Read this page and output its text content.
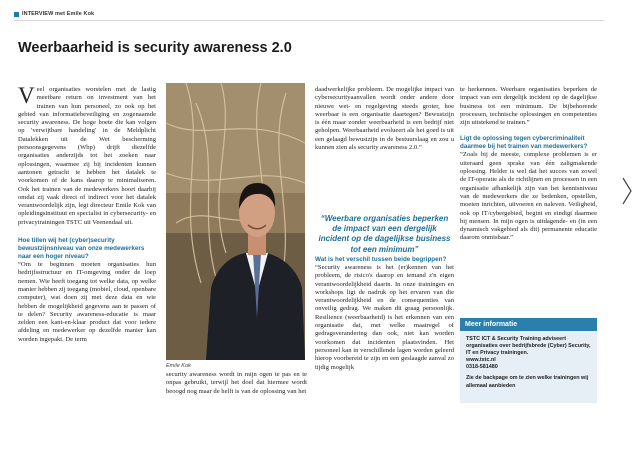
INTERVIEW met Emile Kok
Weerbaarheid is security awareness 2.0

Veel organisaties worstelen met de lastig meetbare return on investment van het trainen van hun personeel, zo ook op het gebied van informatiebeveiliging en zogenaamde security awareness. De hoge boete die kan volgen op 'verwijtbare handeling' in de Meldplicht Datalekken uit de Wet bescherming persoonsgegevens (Wbp) drijft diezelfde organisaties anderzijds tot het zoeken naar oplossingen, waarmee zij bij incidenten kunnen aantonen getracht te hebben het datalek te voorkomen of de kans daarop te minimaliseren. Ook het trainen van de medewerkers hoort daarbij omdat zij vaak direct of indirect voor het datalek verantwoordelijk zijn, legt directeur Emile Kok van opleidingsinstituut en specialist in cybersecurity- en privacytrainingen TSTC uit Veenendaal uit.

Hoe tillen wij het (cyber)security bewustzijnsniveau van onze medewerkers naar een hoger niveau?

“Om te beginnen moeten organisaties hun bedrijfsstructuur en IT-omgeving onder de loep nemen. Wie heeft toegang tot welke data, op welke manier hebben zij toegang (mobiel, cloud, openbare computer), wat doen zij met deze data en wie hebben de mogelijkheid gegevens aan te passen of te delen? Security awareness-educatie is maar zelden een kant-en-klaar product dat voor iedere afdeling en medewerker op dezelfde manier kan worden ingepakt. De term

Emile Kok

security awareness wordt in mijn ogen te pas en te onpas gebruikt, terwijl het doel dat hiermee wordt beoogd nog maar de helft is van de oplossing van het

daadwerkelijke probleem. De mogelijke impact van cybersecurityaanvallen wordt onder andere door nieuwe wet- en regelgeving steeds groter, hoe weerbaar is een organisatie daartegen? Bewustzijn is één maar zonder weerbaarheid is een bedrijf niet geholpen. Weerbaarheid evolueert als het goed is uit een gelaagd bewustzijn in de bestuurslaag en zou u kunnen zien als security awareness 2.0.”

“Weerbare organisaties beperken de impact van een dergelijk incident op de dagelijkse business tot een minimum”

Wat is het verschil tussen beide begrippen?

“Security awareness is het (er)kennen van het probleem, de risico's daarop en iemand z'n eigen verantwoordelijkheid daarin. In onze trainingen en workshops ligt de nadruk op het ervaren van die verantwoordelijkheid en de consequenties van onveilig gedrag. We maken dit graag persoonlijk. Resilience (weerbaarheid) is het erkennen van een organisatie dat, met welke maatregel of gedragsverandering dan ook, niet kan worden voorkomen dat incidenten plaatsvinden. Het personeel kan in verschillende lagen worden geleerd hierop voorbereid te zijn en een geslaagde aanval zo tijdig mogelijk

te herkennen. Weerbare organisaties beperken de impact van een dergelijk incident op de dagelijkse business tot een minimum. De bijbehorende processen, technische oplossingen en competenties zijn uitstekend te trainen.”

Ligt de oplossing tegen cybercriminaliteit daarmee bij het trainen van medewerkers?

“Zoals bij de meeste, complexe problemen is er uiteraard geen sprake van één zaligmakende oplossing. Helder is wel dat het succes van zowel de IT-operatie als de richtlijnen en processen in een organisatie afhankelijk zijn van het kennisniveau van de medewerkers die ze bedenken, opstellen, moeten inrichten, uitvoeren en naleven. Veiligheid, ook op IT/cybergebied, begint en eindigt daarmee bij mensen. In mijn ogen is uitdagende- en (in een dynamisch vakgebied als dit) permanente educatie daarom onmisbaar.”

Meer informatie

TSTC ICT & Security Training adviseert organisaties over bedrijfsbrede (Cyber) Security, IT en Privacy trainingen.

www.tstc.nl

0318-581480

Zie de backpage om te zien welke trainingen wij allemaal aanbieden
